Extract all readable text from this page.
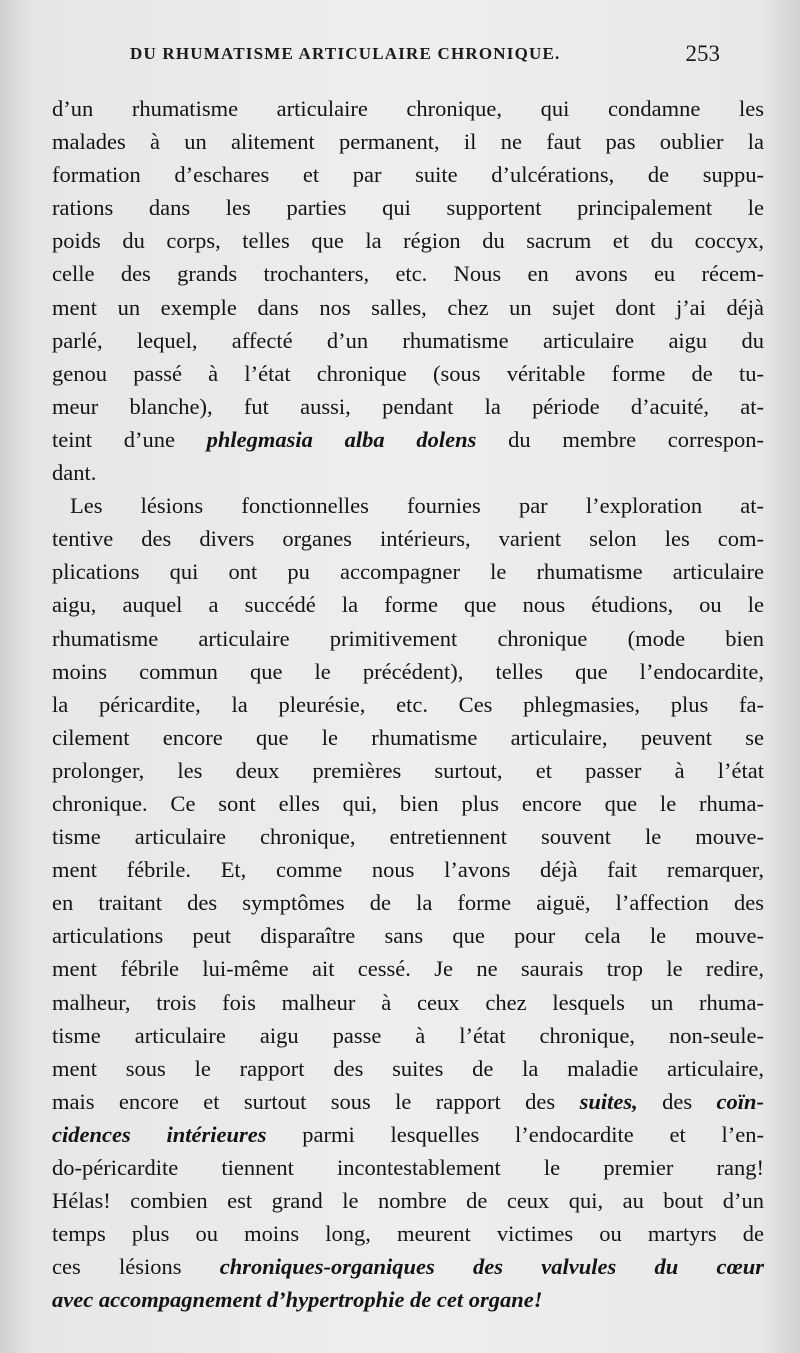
DU RHUMATISME ARTICULAIRE CHRONIQUE.	253
d’un rhumatisme articulaire chronique, qui condamne les
malades à un alitement permanent, il ne faut pas oublier la
formation d’eschares et par suite d’ulcérations, de suppu-
rations dans les parties qui supportent principalement le
poids du corps, telles que la région du sacrum et du coccyx,
celle des grands trochanters, etc. Nous en avons eu récem-
ment un exemple dans nos salles, chez un sujet dont j’ai déjà
parlé, lequel, affecté d’un rhumatisme articulaire aigu du
genou passé à l’état chronique (sous véritable forme de tu-
meur blanche), fut aussi, pendant la période d’acuité, at-
teint d’une phlegmasia alba dolens du membre correspon-
dant.
Les lésions fonctionnelles fournies par l’exploration at-
tentive des divers organes intérieurs, varient selon les com-
plications qui ont pu accompagner le rhumatisme articulaire
aigu, auquel a succédé la forme que nous étudions, ou le
rhumatisme articulaire primitivement chronique (mode bien
moins commun que le précédent), telles que l’endocardite,
la péricardite, la pleurésie, etc. Ces phlegmasies, plus fa-
cilement encore que le rhumatisme articulaire, peuvent se
prolonger, les deux premières surtout, et passer à l’état
chronique. Ce sont elles qui, bien plus encore que le rhuma-
tisme articulaire chronique, entretiennent souvent le mouve-
ment fébrile. Et, comme nous l’avons déjà fait remarquer,
en traitant des symptômes de la forme aiguë, l’affection des
articulations peut disparaître sans que pour cela le mouve-
ment fébrile lui-même ait cessé. Je ne saurais trop le redire,
malheur, trois fois malheur à ceux chez lesquels un rhuma-
tisme articulaire aigu passe à l’état chronique, non-seule-
ment sous le rapport des suites de la maladie articulaire,
mais encore et surtout sous le rapport des suites, des coïn-
cidences intérieures parmi lesquelles l’endocardite et l’en-
do-péricardite tiennent incontestablement le premier rang!
Hélas! combien est grand le nombre de ceux qui, au bout d’un
temps plus ou moins long, meurent victimes ou martyrs de
ces lésions chroniques-organiques des valvules du cœur
avec accompagnement d’hypertrophie de cet organe!
